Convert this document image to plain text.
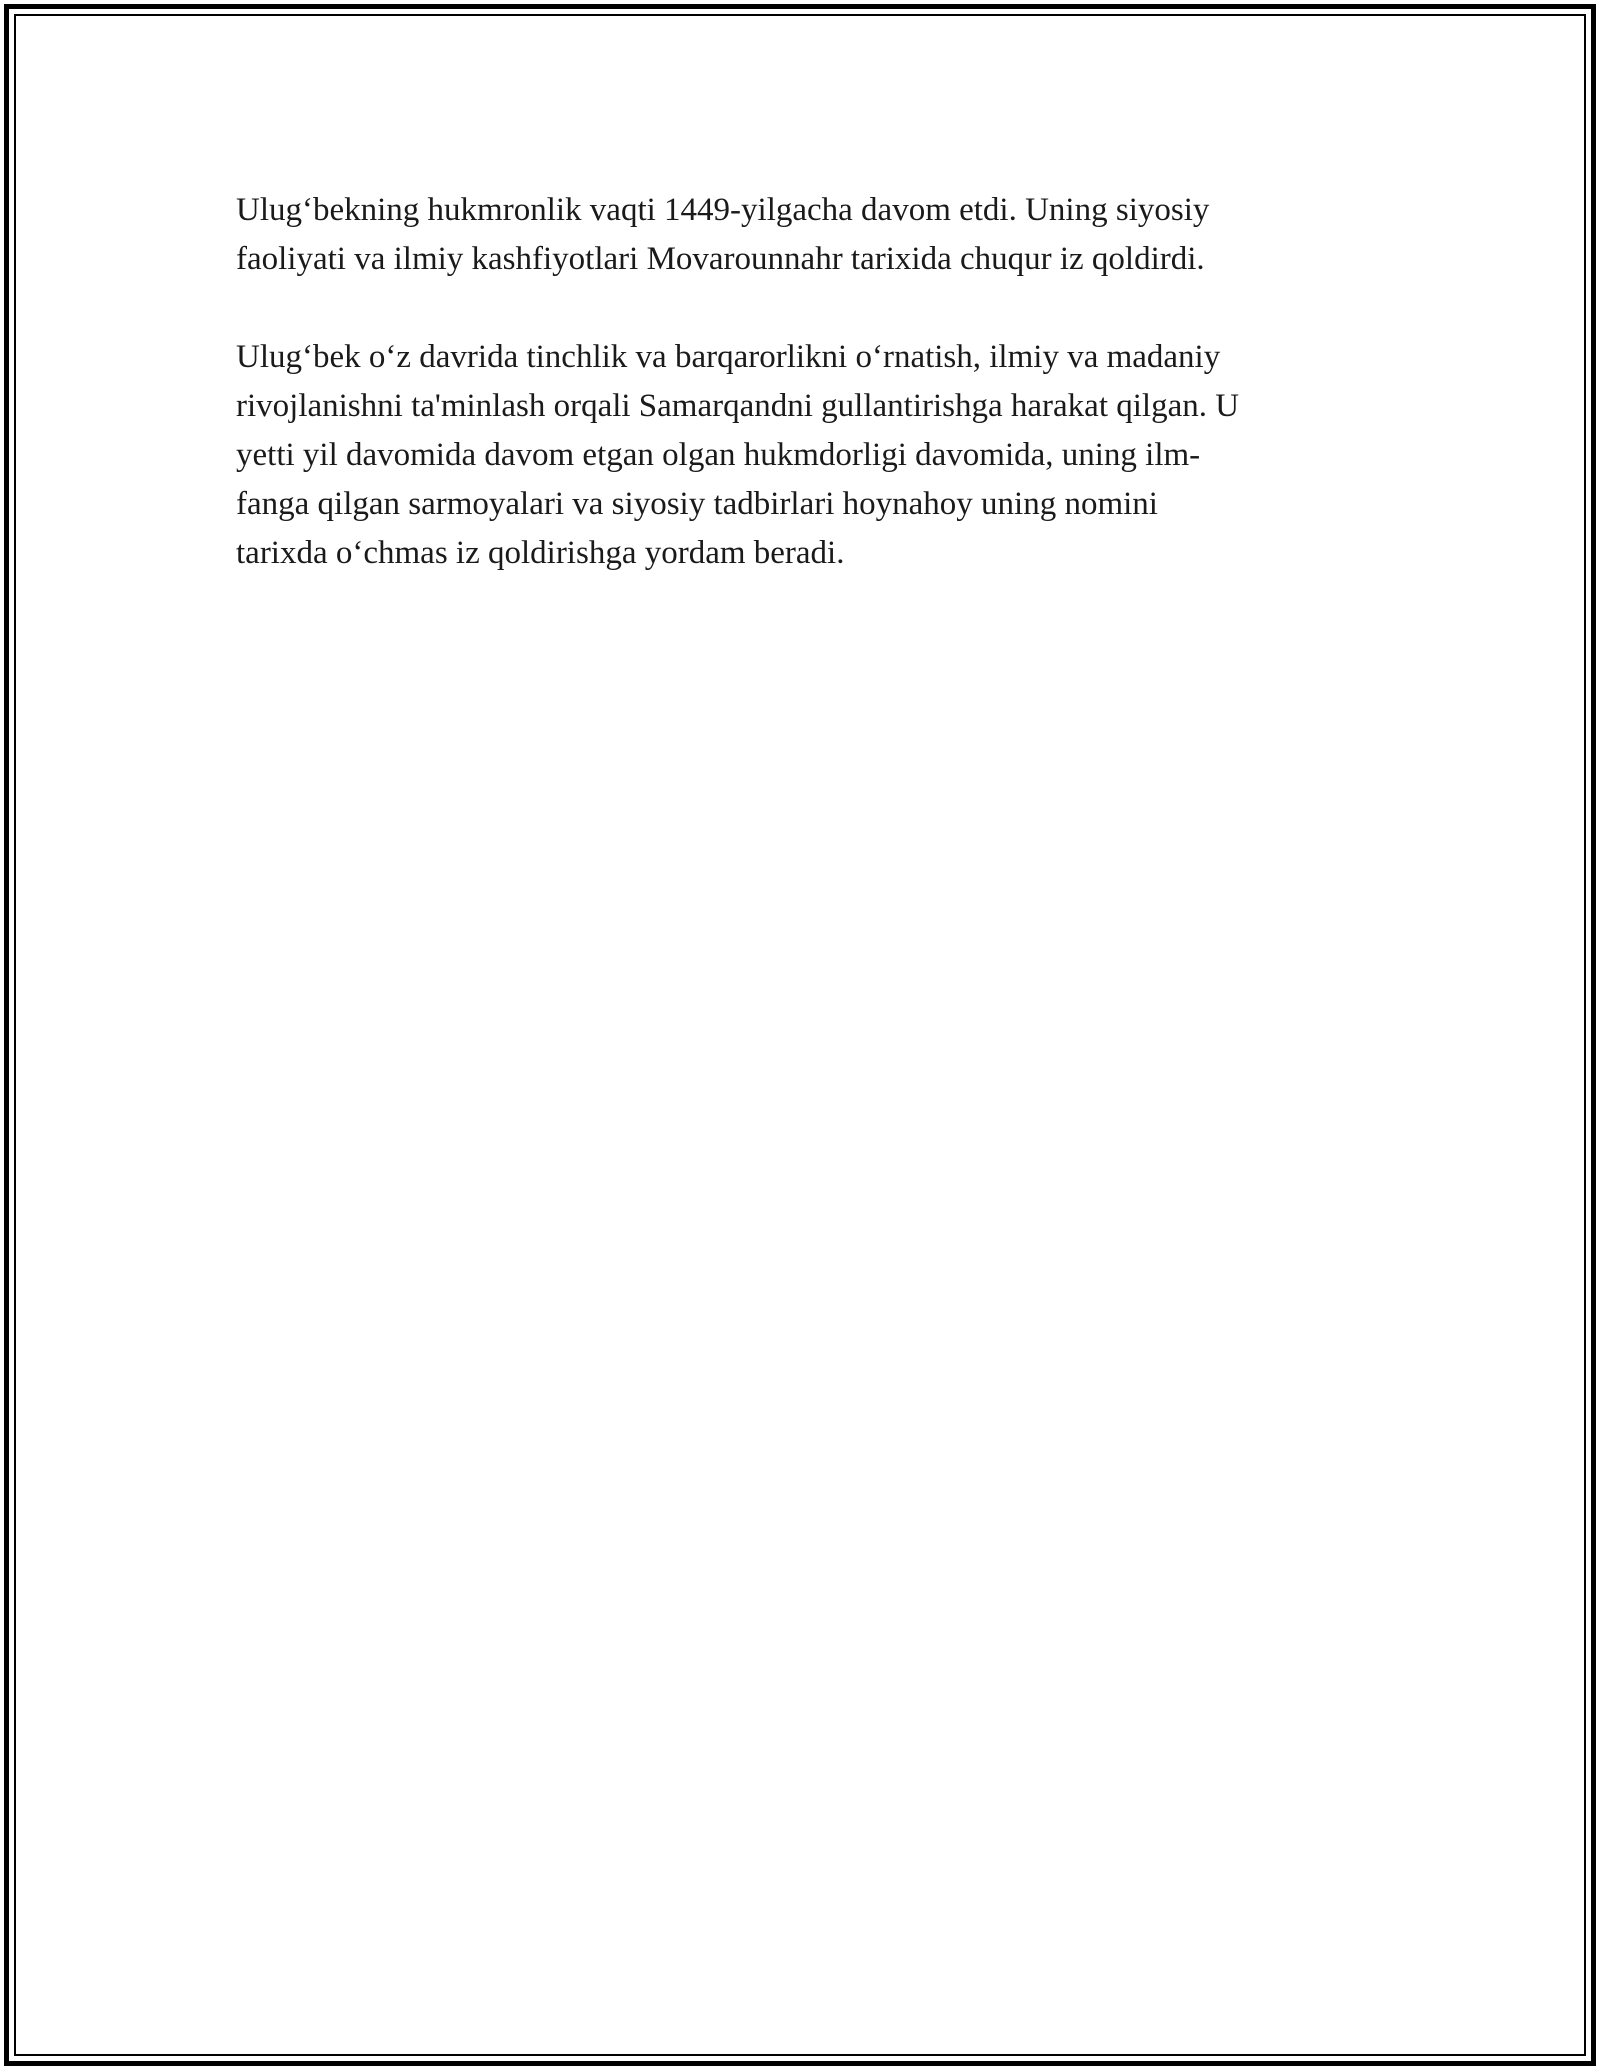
Ulug‘bekning hukmronlik vaqti 1449-yilgacha davom etdi. Uning siyosiy
faoliyati va ilmiy kashfiyotlari Movarounnahr tarixida chuqur iz qoldirdi.

Ulug‘bek o‘z davrida tinchlik va barqarorlikni o‘rnatish, ilmiy va madaniy
rivojlanishni ta'minlash orqali Samarqandni gullantirishga harakat qilgan. U
yetti yil davomida davom etgan olgan hukmdorligi davomida, uning ilm-
fanga qilgan sarmoyalari va siyosiy tadbirlari hoynahoy uning nomini
tarixda o‘chmas iz qoldirishga yordam beradi.
